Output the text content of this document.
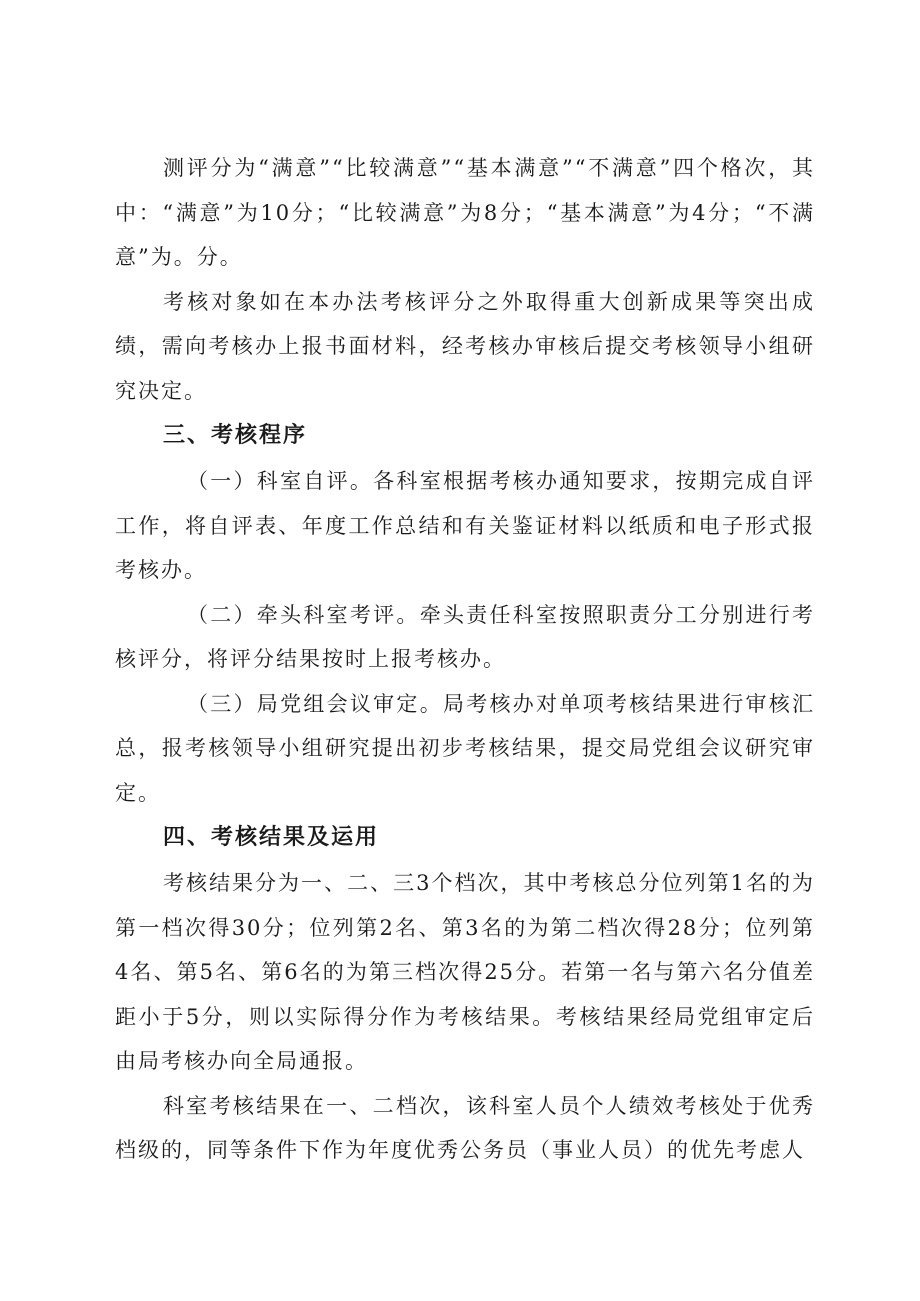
测评分为“满意”“比较满意”“基本满意”“不满意”四个格次，其中：“满意”为10分；“比较满意”为8分；“基本满意”为4分；“不满意”为。分。

考核对象如在本办法考核评分之外取得重大创新成果等突出成绩，需向考核办上报书面材料，经考核办审核后提交考核领导小组研究决定。

三、考核程序

（一）科室自评。各科室根据考核办通知要求，按期完成自评工作，将自评表、年度工作总结和有关鉴证材料以纸质和电子形式报考核办。

（二）牵头科室考评。牵头责任科室按照职责分工分别进行考核评分，将评分结果按时上报考核办。

（三）局党组会议审定。局考核办对单项考核结果进行审核汇总，报考核领导小组研究提出初步考核结果，提交局党组会议研究审定。

四、考核结果及运用

考核结果分为一、二、三3个档次，其中考核总分位列第1名的为第一档次得30分；位列第2名、第3名的为第二档次得28分；位列第4名、第5名、第6名的为第三档次得25分。若第一名与第六名分值差距小于5分，则以实际得分作为考核结果。考核结果经局党组审定后由局考核办向全局通报。

科室考核结果在一、二档次，该科室人员个人绩效考核处于优秀档级的，同等条件下作为年度优秀公务员（事业人员）的优先考虑人
